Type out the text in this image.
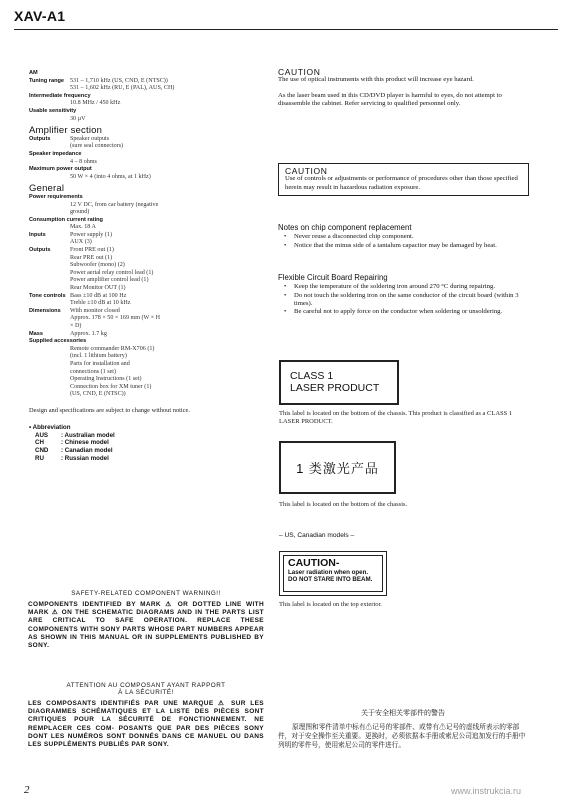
XAV-A1
AM
Tuning range 531 – 1,710 kHz (US, CND, E (NTSC))
531 – 1,602 kHz (RU, E (PAL), AUS, CH)
Intermediate frequency
10.8 MHz / 450 kHz
Usable sensitivity
30 µV
Amplifier section
Outputs	Speaker outputs
(sure seal connectors)
Speaker impedance
4 – 8 ohms
Maximum power output
50 W × 4 (into 4 ohms, at 1 kHz)
General
Power requirements
12 V DC, from car battery (negative
ground)
Consumption current rating
Max. 18 A
Inputs	Power supply (1)
AUX (3)
Outputs	Front PRE out (1)
Rear PRE out (1)
Subwoofer (mono) (2)
Power aerial relay control lead (1)
Power amplifier control lead (1)
Rear Monitor OUT (1)
Tone controls Bass ±10 dB at 100 Hz
Treble ±10 dB at 10 kHz
Dimensions	With monitor closed
Approx. 178 × 50 × 169 mm (W × H
× D)
Mass	Approx. 1.7 kg
Supplied accessories
Remote commander RM-X706 (1)
(incl. 1 lithium battery)
Parts for installation and
connections (1 set)
Operating Instructions (1 set)
Connection box for XM tuner (1)
(US, CND, E (NTSC))
Design and specifications are subject to change without notice.
• Abbreviation
AUS	: Australian model
CH	: Chinese model
CND	: Canadian model
RU	: Russian model
CAUTION
The use of optical instruments with this product will increase eye hazard.
As the laser beam used in this CD/DVD player is harmful to eyes, do not attempt to disassemble the cabinet. Refer servicing to qualified personnel only.
CAUTION
Use of controls or adjustments or performance of procedures other than those specified herein may result in hazardous radiation exposure.
Notes on chip component replacement
•	Never reuse a disconnected chip component.
•	Notice that the minus side of a tantalum capacitor may be damaged by heat.
Flexible Circuit Board Repairing
•	Keep the temperature of the soldering iron around 270 °C during repairing.
•	Do not touch the soldering iron on the same conductor of the circuit board (within 3 times).
•	Be careful not to apply force on the conductor when soldering or unsoldering.
CLASS 1
LASER PRODUCT
This label is located on the bottom of the chassis. This product is classified as a CLASS 1 LASER PRODUCT.
1 类激光产品
This label is located on the bottom of the chassis.
– US, Canadian models –
CAUTION-
Laser radiation when open.
DO NOT STARE INTO BEAM.
This label is located on the top exterior.
SAFETY-RELATED COMPONENT WARNING!!
COMPONENTS IDENTIFIED BY MARK ⚠ OR DOTTED LINE WITH MARK ⚠ ON THE SCHEMATIC DIAGRAMS AND IN THE PARTS LIST ARE CRITICAL TO SAFE OPERATION. REPLACE THESE COMPONENTS WITH SONY PARTS WHOSE PART NUMBERS APPEAR AS SHOWN IN THIS MANUAL OR IN SUPPLEMENTS PUBLISHED BY SONY.
ATTENTION AU COMPOSANT AYANT RAPPORT
À LA SÉCURITÉ!
LES COMPOSANTS IDENTIFIÉS PAR UNE MARQUE ⚠ SUR LES DIAGRAMMES SCHÉMATIQUES ET LA LISTE DES PIÈCES SONT CRITIQUES POUR LA SÉCURITÉ DE FONCTIONNEMENT. NE REMPLACER CES COM- POSANTS QUE PAR DES PIÈCES SONY DONT LES NUMÉROS SONT DONNÉS DANS CE MANUEL OU DANS LES SUPPLÉMENTS PUBLIÉS PAR SONY.
关于安全相关零部件的警告
原理图和零件清单中标有⚠记号的零部件、或带有⚠记号的虚线所表示的零部件，对于安全操作至关重要。更换时，必须依据本手册或索尼公司追加发行的手册中列明的零件号，使用索尼公司的零件进行。
2	www.instrukcia.ru
